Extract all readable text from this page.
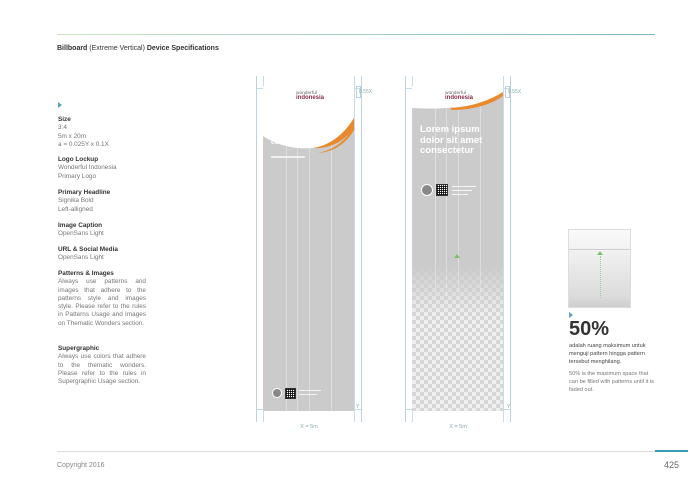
Billboard (Extreme Vertical) Device Specifications
Size
3:4
5m x 20m
a = 0.025Y x 0.1X
Logo Lockup
Wonderful Indonesia
Primary Logo
Primary Headline
Signika Bold
Left-alligned
Image Caption
OpenSans Light
URL & Social Media
OpenSans Light
Patterns & Images

Always use patterns and images that adhere to the patterns style and images style. Please refer to the rules in Patterns Usage and Images on Thematic Wonders section.

Supergraphic

Always use colors that adhere to the thematic wonders. Please refer to the rules in Supergraphic Usage section.

wonderful
indonesia
Lorem ipsum dolor sit amet consectetur
0.55X
Y
X = 5m
wonderful
indonesia
Lorem ipsum dolor sit amet consectetur
0.55X
Y
X = 5m
50%
adalah ruang maksimum untuk menguji pattern hingga pattern tersebut menghilang.
50% is the maximum space that can be filled with patterns until it is faded out.
Copyright 2016	425
